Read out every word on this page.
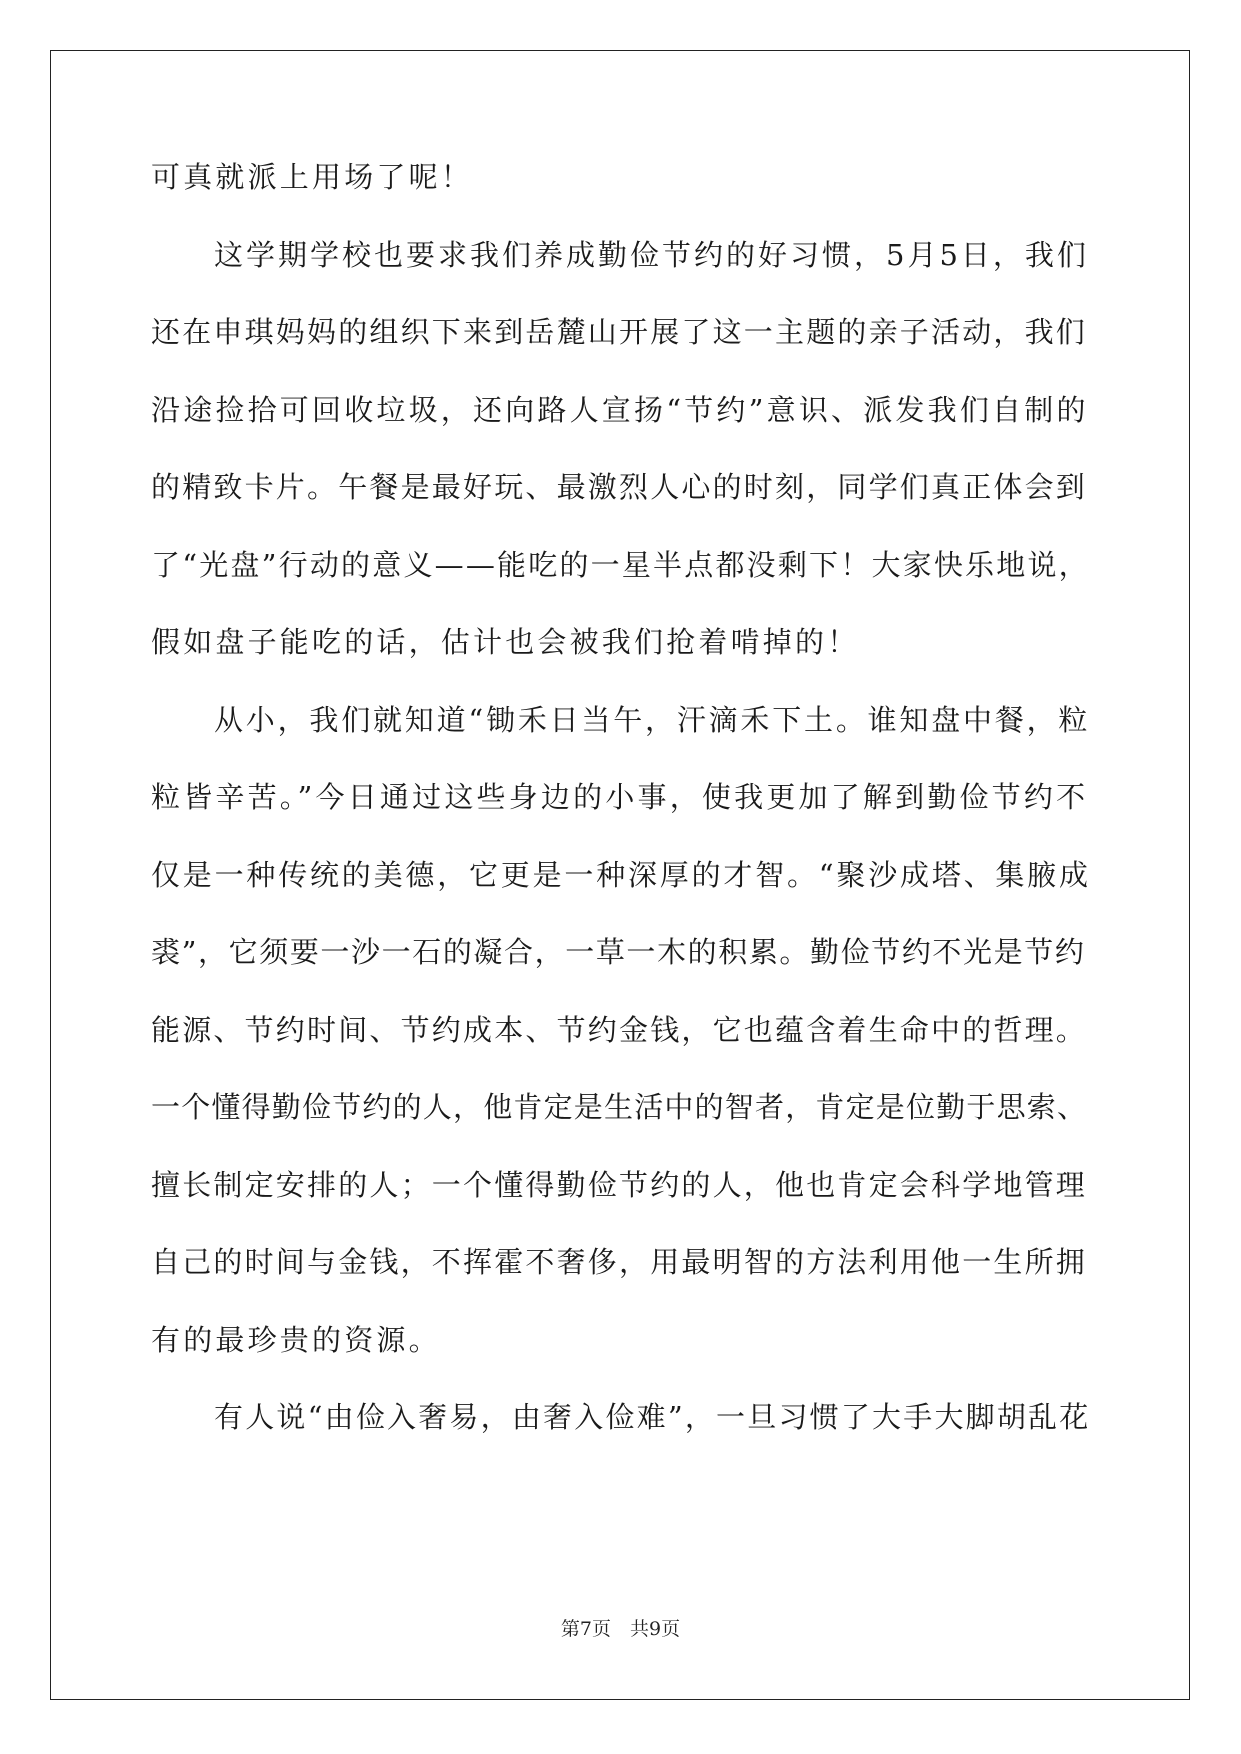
可真就派上用场了呢！
这学期学校也要求我们养成勤俭节约的好习惯，5月5日，我们
还在申琪妈妈的组织下来到岳麓山开展了这一主题的亲子活动，我们
沿途捡拾可回收垃圾，还向路人宣扬“节约”意识、派发我们自制的
的精致卡片。午餐是最好玩、最激烈人心的时刻，同学们真正体会到
了“光盘”行动的意义——能吃的一星半点都没剩下！大家快乐地说，
假如盘子能吃的话，估计也会被我们抢着啃掉的！
从小，我们就知道“锄禾日当午，汗滴禾下土。谁知盘中餐，粒
粒皆辛苦。”今日通过这些身边的小事，使我更加了解到勤俭节约不
仅是一种传统的美德，它更是一种深厚的才智。“聚沙成塔、集腋成
裘”，它须要一沙一石的凝合，一草一木的积累。勤俭节约不光是节约
能源、节约时间、节约成本、节约金钱，它也蕴含着生命中的哲理。
一个懂得勤俭节约的人，他肯定是生活中的智者，肯定是位勤于思索、
擅长制定安排的人；一个懂得勤俭节约的人，他也肯定会科学地管理
自己的时间与金钱，不挥霍不奢侈，用最明智的方法利用他一生所拥
有的最珍贵的资源。
有人说“由俭入奢易，由奢入俭难”，一旦习惯了大手大脚胡乱花
第7页　共9页
